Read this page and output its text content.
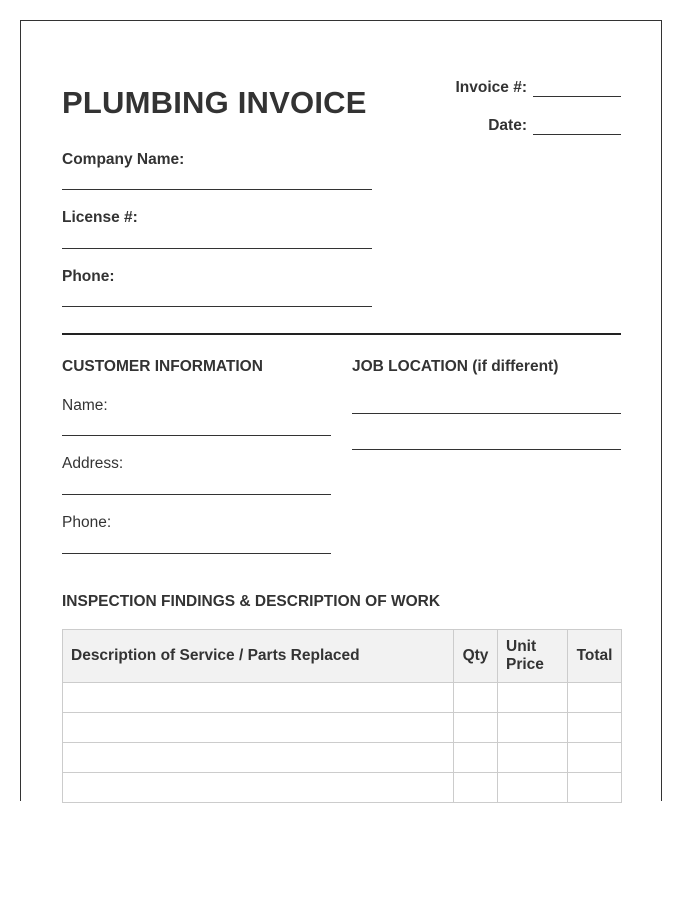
PLUMBING INVOICE	Invoice #:
Date:
Company Name:
License #:
Phone:
CUSTOMER INFORMATION
Name:
Address:
Phone:
JOB LOCATION (if different)
INSPECTION FINDINGS & DESCRIPTION OF WORK
Description of Service / Parts Replaced	Qty	Unit Price	Total
